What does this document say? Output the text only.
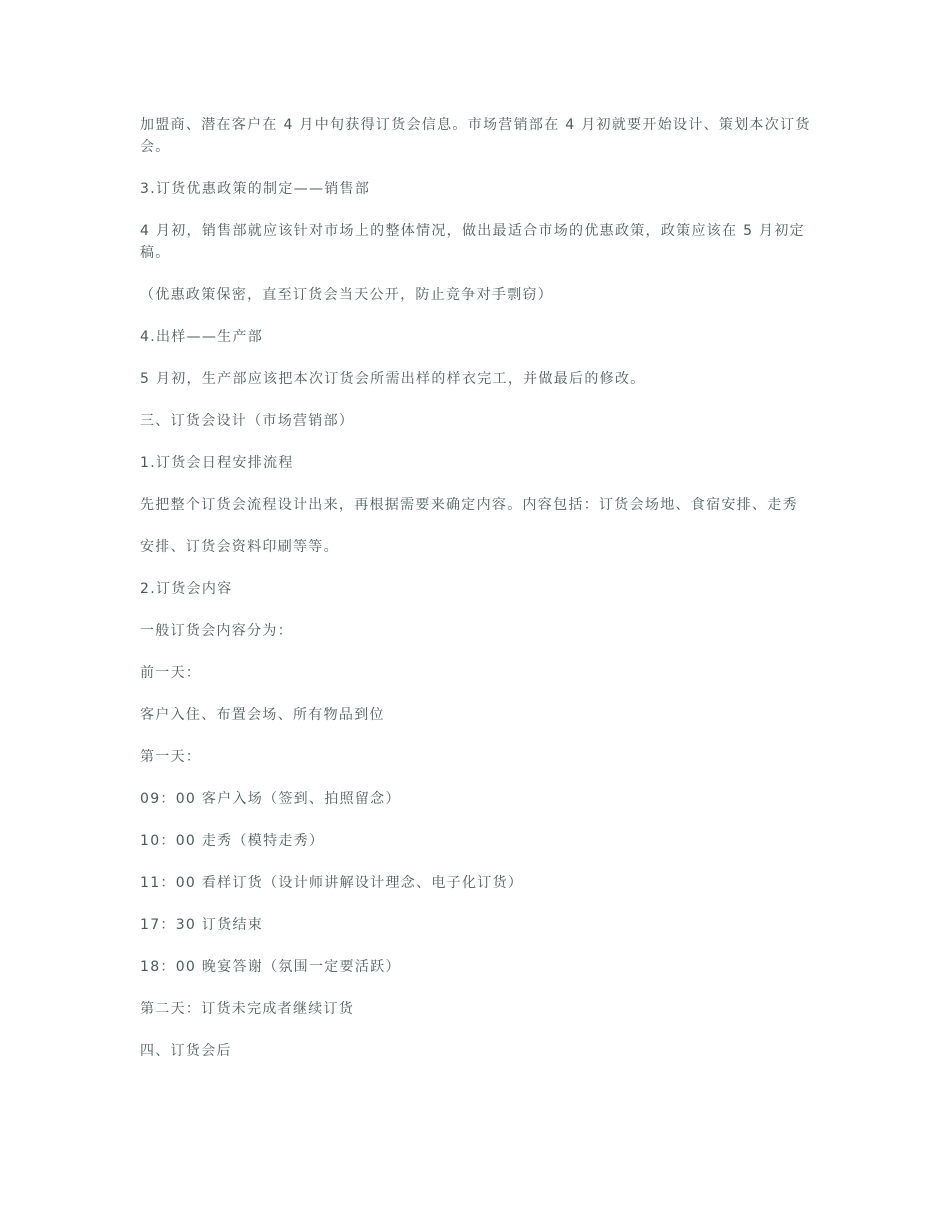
加盟商、潜在客户在 4 月中旬获得订货会信息。市场营销部在 4 月初就要开始设计、策划本次订货会。

3.订货优惠政策的制定——销售部

4 月初，销售部就应该针对市场上的整体情况，做出最适合市场的优惠政策，政策应该在 5 月初定稿。

（优惠政策保密，直至订货会当天公开，防止竞争对手剽窃）

4.出样——生产部

5 月初，生产部应该把本次订货会所需出样的样衣完工，并做最后的修改。

三、订货会设计（市场营销部）

1.订货会日程安排流程

先把整个订货会流程设计出来，再根据需要来确定内容。内容包括：订货会场地、食宿安排、走秀

安排、订货会资料印刷等等。

2.订货会内容

一般订货会内容分为：

前一天：

客户入住、布置会场、所有物品到位

第一天：

09：00 客户入场（签到、拍照留念）

10：00 走秀（模特走秀）

11：00 看样订货（设计师讲解设计理念、电子化订货）

17：30 订货结束

18：00 晚宴答谢（氛围一定要活跃）

第二天：订货未完成者继续订货

四、订货会后
